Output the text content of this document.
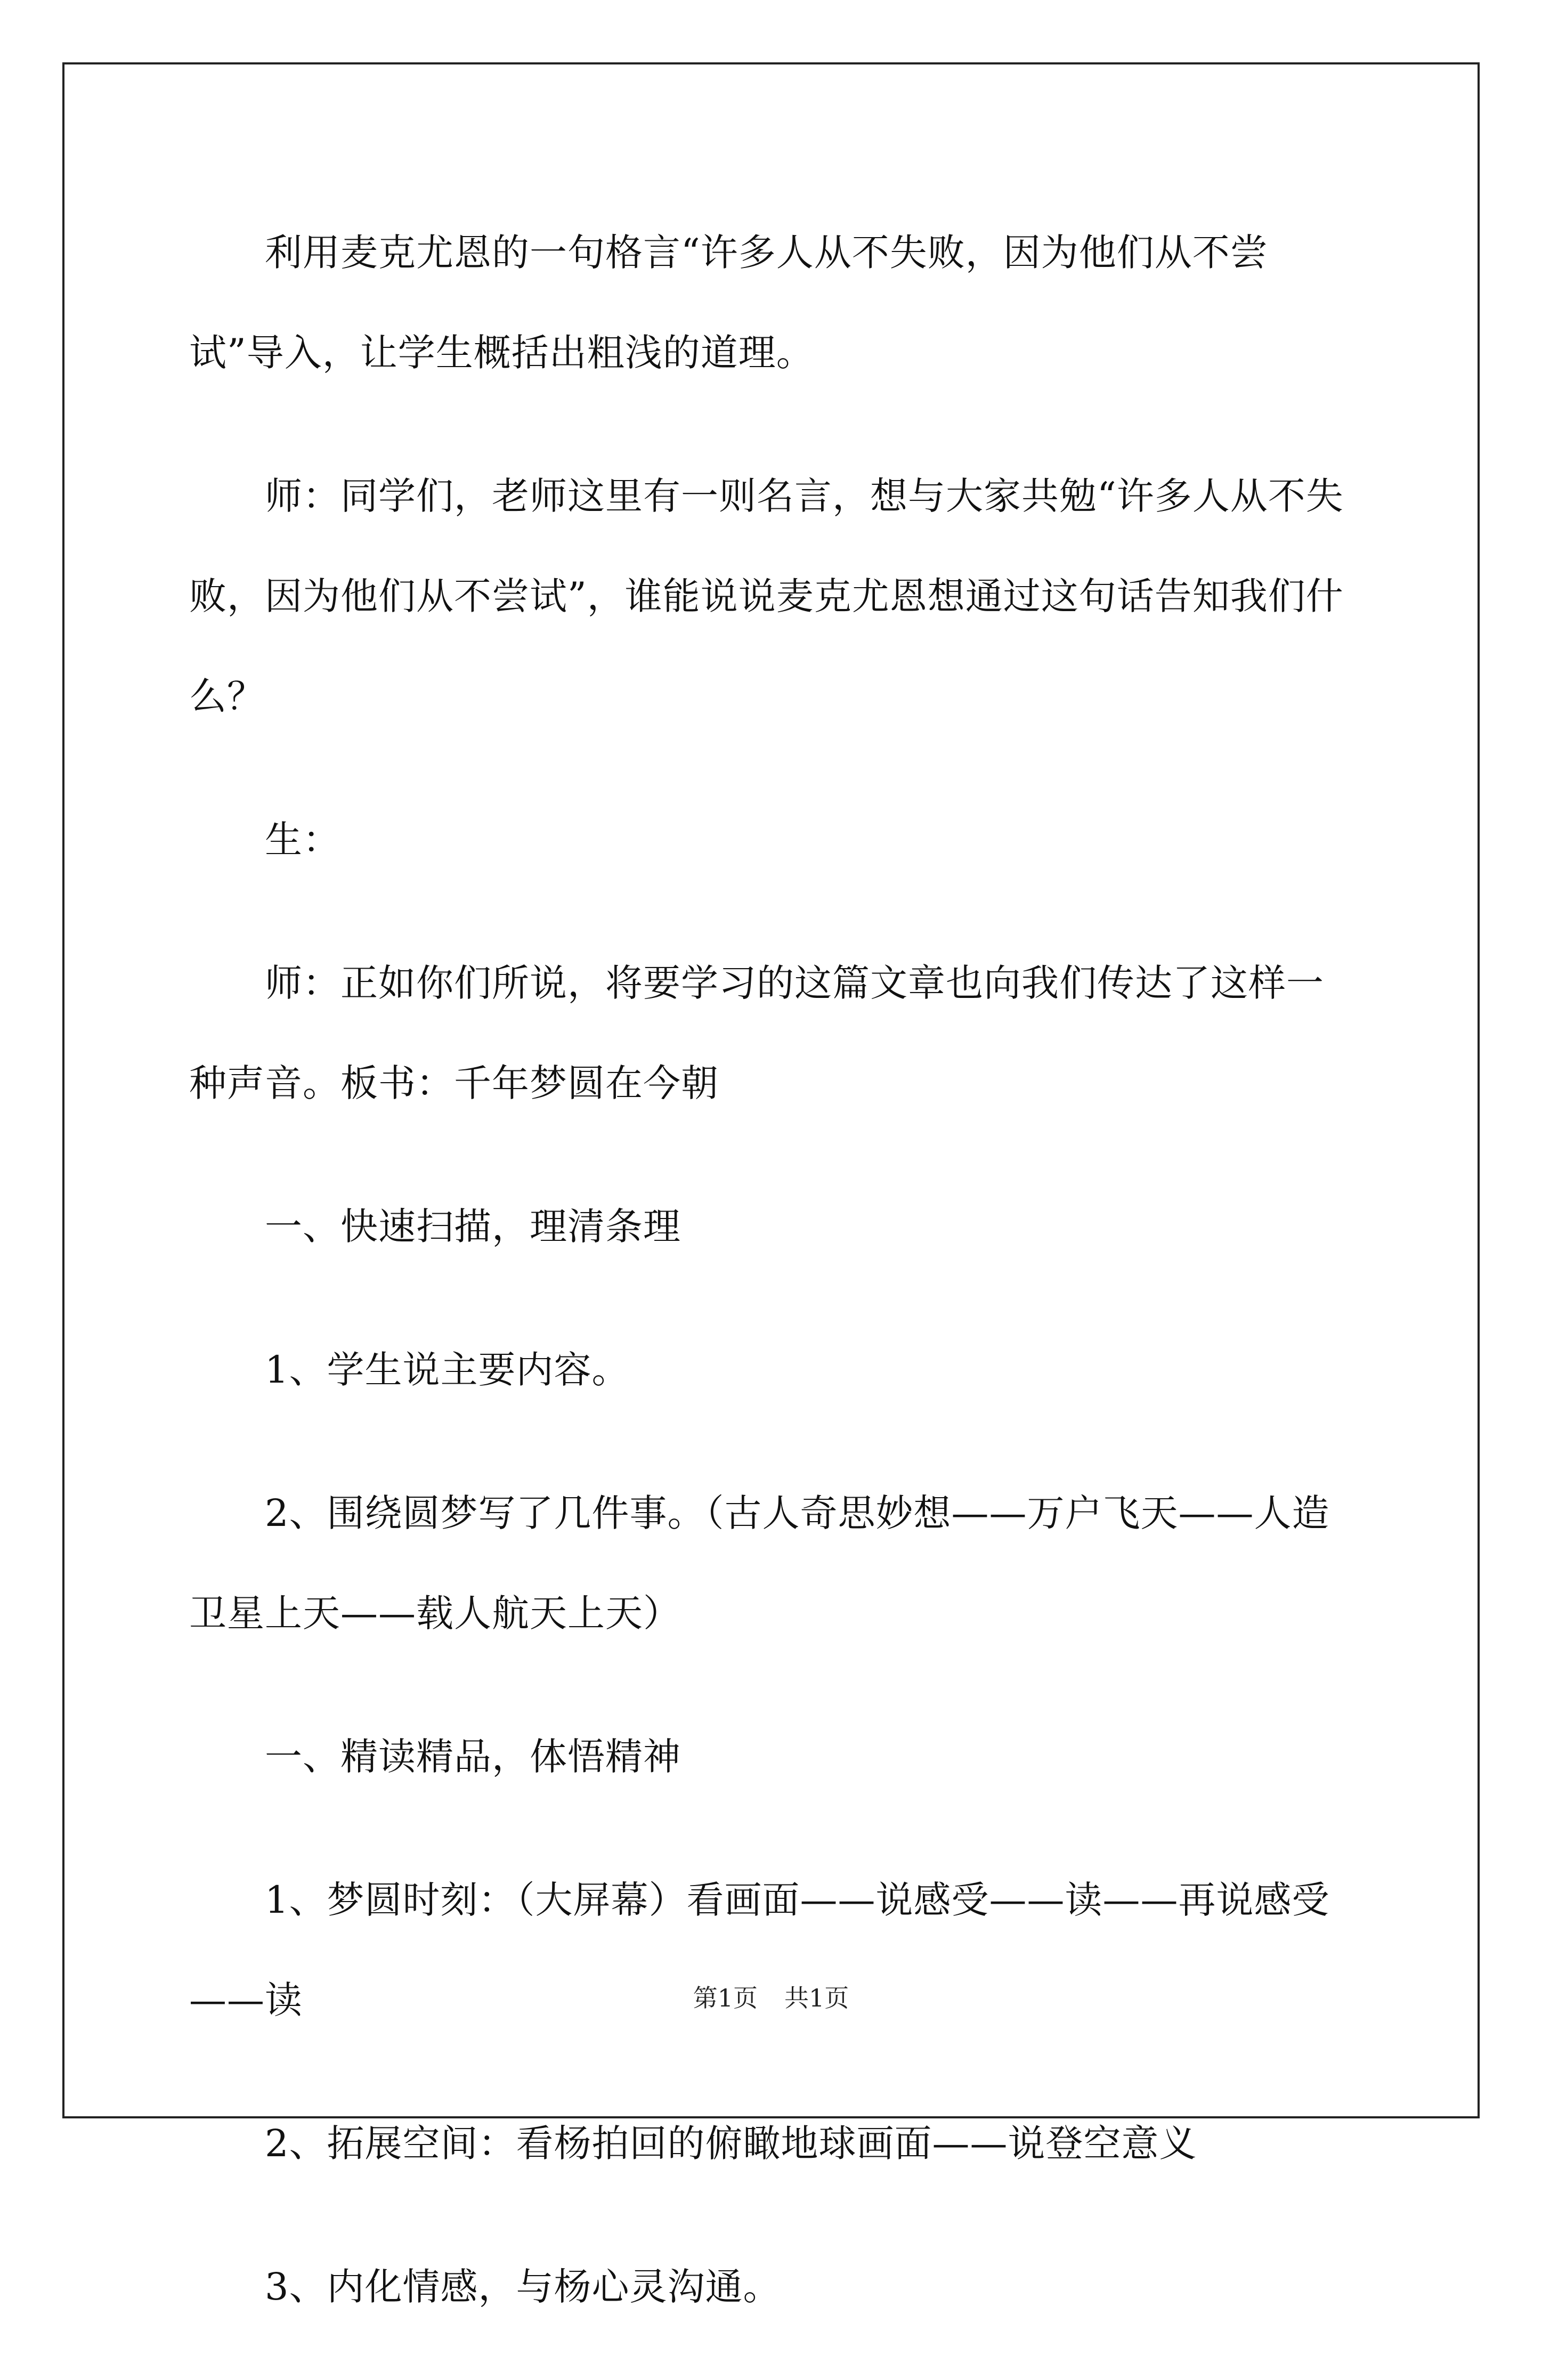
利用麦克尤恩的一句格言“许多人从不失败，因为他们从不尝试”导入，让学生概括出粗浅的道理。

师：同学们，老师这里有一则名言，想与大家共勉“许多人从不失败，因为他们从不尝试”，谁能说说麦克尤恩想通过这句话告知我们什么？

生：

师：正如你们所说，将要学习的这篇文章也向我们传达了这样一种声音。板书：千年梦圆在今朝

一、快速扫描，理清条理

1、学生说主要内容。

2、围绕圆梦写了几件事。（古人奇思妙想——万户飞天——人造卫星上天——载人航天上天）

一、精读精品，体悟精神

1、梦圆时刻：（大屏幕）看画面——说感受——读——再说感受——读

2、拓展空间：看杨拍回的俯瞰地球画面——说登空意义

3、内化情感，与杨心灵沟通。

第1页 共1页
